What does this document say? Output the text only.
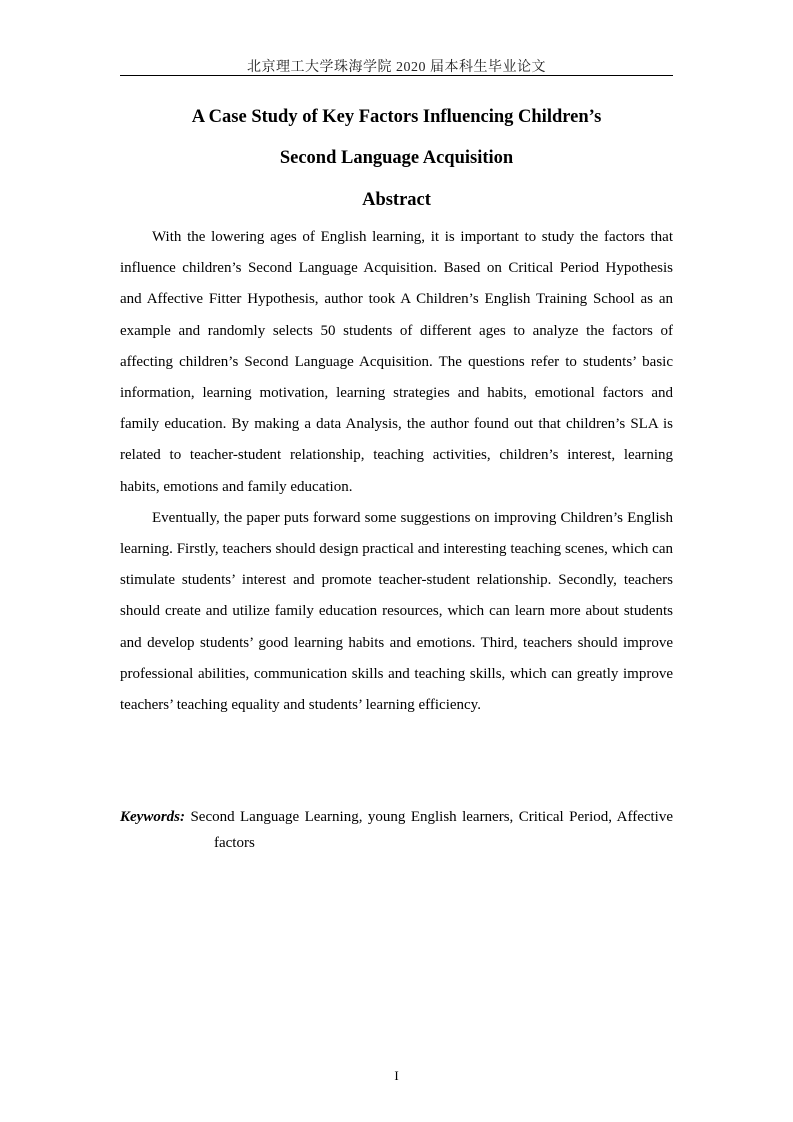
北京理工大学珠海学院 2020 届本科生毕业论文
A Case Study of Key Factors Influencing Children’s
Second Language Acquisition
Abstract

With the lowering ages of English learning, it is important to study the factors that influence children’s Second Language Acquisition. Based on Critical Period Hypothesis and Affective Fitter Hypothesis, author took A Children’s English Training School as an example and randomly selects 50 students of different ages to analyze the factors of affecting children’s Second Language Acquisition. The questions refer to students’ basic information, learning motivation, learning strategies and habits, emotional factors and family education. By making a data Analysis, the author found out that children’s SLA is related to teacher-student relationship, teaching activities, children’s interest, learning habits, emotions and family education.

Eventually, the paper puts forward some suggestions on improving Children’s English learning. Firstly, teachers should design practical and interesting teaching scenes, which can stimulate students’ interest and promote teacher-student relationship. Secondly, teachers should create and utilize family education resources, which can learn more about students and develop students’ good learning habits and emotions. Third, teachers should improve professional abilities, communication skills and teaching skills, which can greatly improve teachers’ teaching equality and students’ learning efficiency.

Keywords: Second Language Learning, young English learners, Critical Period, Affective factors
I
